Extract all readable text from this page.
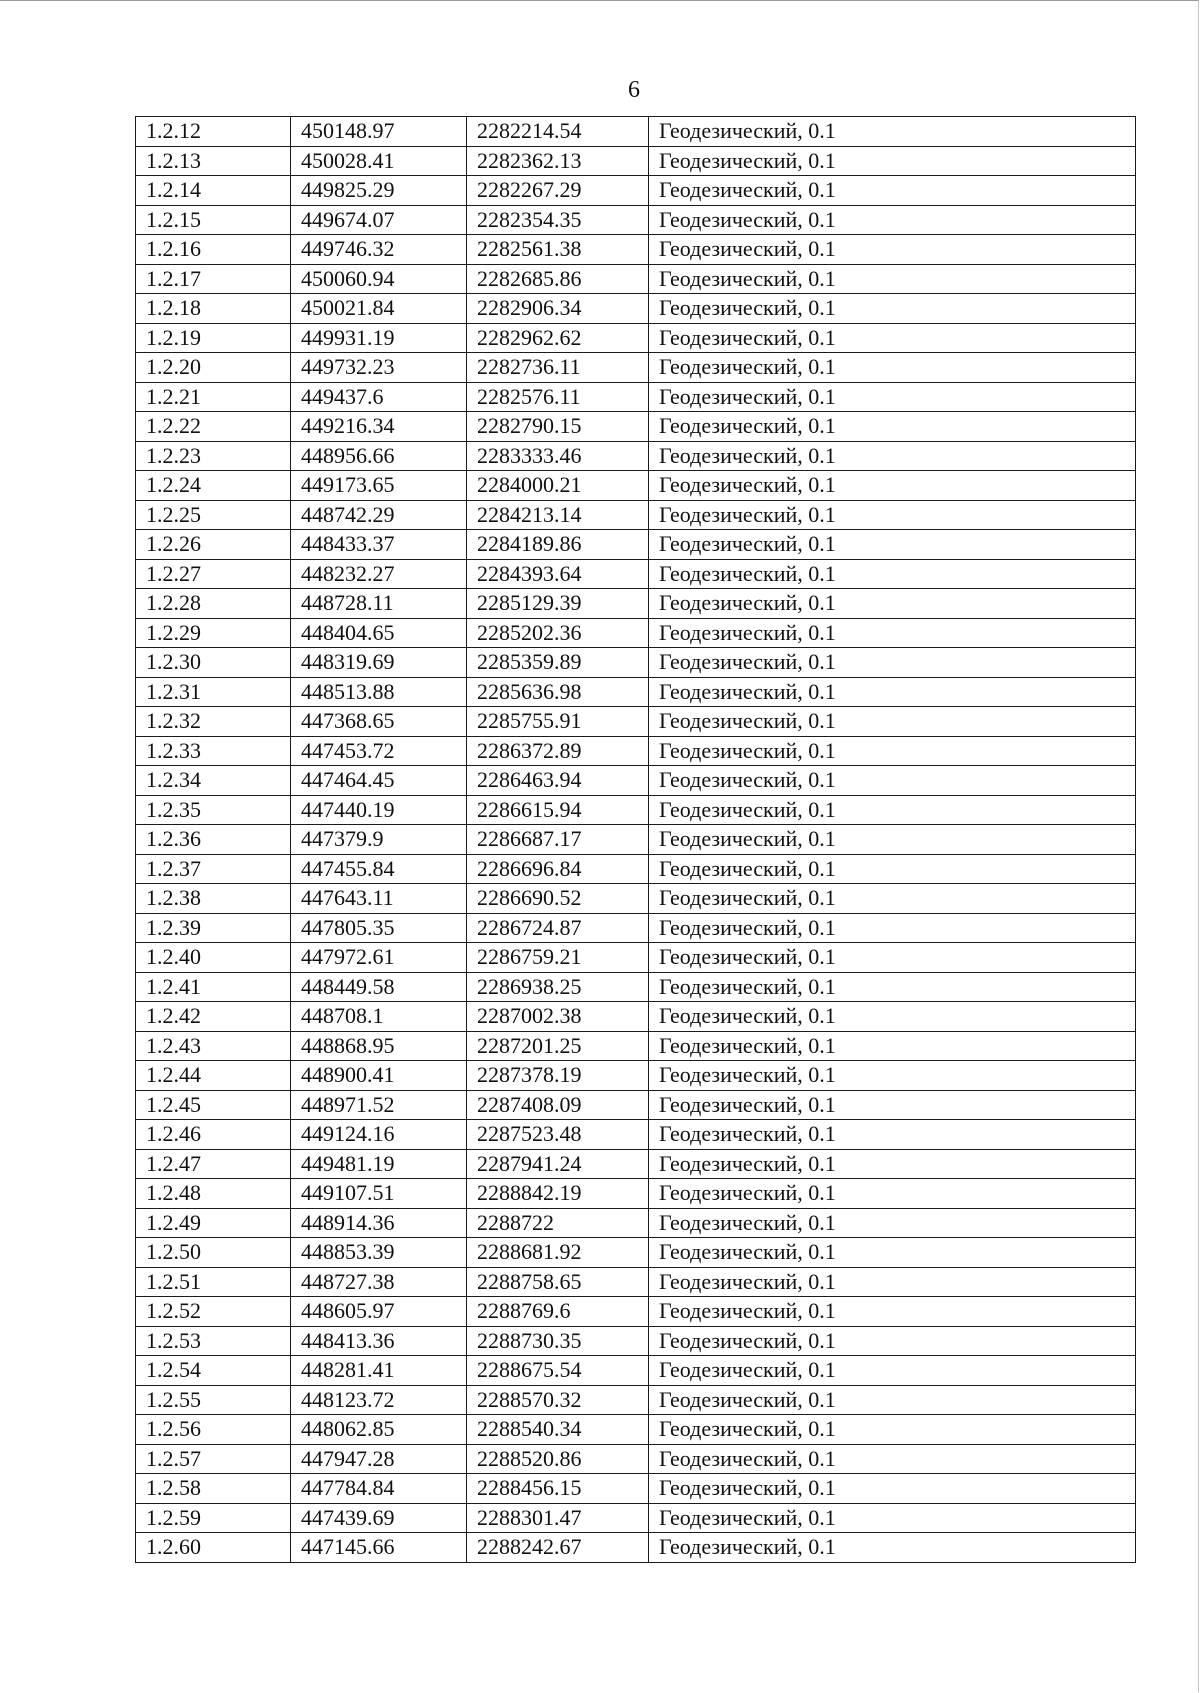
6
1.2.12	450148.97	2282214.54	Геодезический, 0.1
1.2.13	450028.41	2282362.13	Геодезический, 0.1
1.2.14	449825.29	2282267.29	Геодезический, 0.1
1.2.15	449674.07	2282354.35	Геодезический, 0.1
1.2.16	449746.32	2282561.38	Геодезический, 0.1
1.2.17	450060.94	2282685.86	Геодезический, 0.1
1.2.18	450021.84	2282906.34	Геодезический, 0.1
1.2.19	449931.19	2282962.62	Геодезический, 0.1
1.2.20	449732.23	2282736.11	Геодезический, 0.1
1.2.21	449437.6	2282576.11	Геодезический, 0.1
1.2.22	449216.34	2282790.15	Геодезический, 0.1
1.2.23	448956.66	2283333.46	Геодезический, 0.1
1.2.24	449173.65	2284000.21	Геодезический, 0.1
1.2.25	448742.29	2284213.14	Геодезический, 0.1
1.2.26	448433.37	2284189.86	Геодезический, 0.1
1.2.27	448232.27	2284393.64	Геодезический, 0.1
1.2.28	448728.11	2285129.39	Геодезический, 0.1
1.2.29	448404.65	2285202.36	Геодезический, 0.1
1.2.30	448319.69	2285359.89	Геодезический, 0.1
1.2.31	448513.88	2285636.98	Геодезический, 0.1
1.2.32	447368.65	2285755.91	Геодезический, 0.1
1.2.33	447453.72	2286372.89	Геодезический, 0.1
1.2.34	447464.45	2286463.94	Геодезический, 0.1
1.2.35	447440.19	2286615.94	Геодезический, 0.1
1.2.36	447379.9	2286687.17	Геодезический, 0.1
1.2.37	447455.84	2286696.84	Геодезический, 0.1
1.2.38	447643.11	2286690.52	Геодезический, 0.1
1.2.39	447805.35	2286724.87	Геодезический, 0.1
1.2.40	447972.61	2286759.21	Геодезический, 0.1
1.2.41	448449.58	2286938.25	Геодезический, 0.1
1.2.42	448708.1	2287002.38	Геодезический, 0.1
1.2.43	448868.95	2287201.25	Геодезический, 0.1
1.2.44	448900.41	2287378.19	Геодезический, 0.1
1.2.45	448971.52	2287408.09	Геодезический, 0.1
1.2.46	449124.16	2287523.48	Геодезический, 0.1
1.2.47	449481.19	2287941.24	Геодезический, 0.1
1.2.48	449107.51	2288842.19	Геодезический, 0.1
1.2.49	448914.36	2288722	Геодезический, 0.1
1.2.50	448853.39	2288681.92	Геодезический, 0.1
1.2.51	448727.38	2288758.65	Геодезический, 0.1
1.2.52	448605.97	2288769.6	Геодезический, 0.1
1.2.53	448413.36	2288730.35	Геодезический, 0.1
1.2.54	448281.41	2288675.54	Геодезический, 0.1
1.2.55	448123.72	2288570.32	Геодезический, 0.1
1.2.56	448062.85	2288540.34	Геодезический, 0.1
1.2.57	447947.28	2288520.86	Геодезический, 0.1
1.2.58	447784.84	2288456.15	Геодезический, 0.1
1.2.59	447439.69	2288301.47	Геодезический, 0.1
1.2.60	447145.66	2288242.67	Геодезический, 0.1
